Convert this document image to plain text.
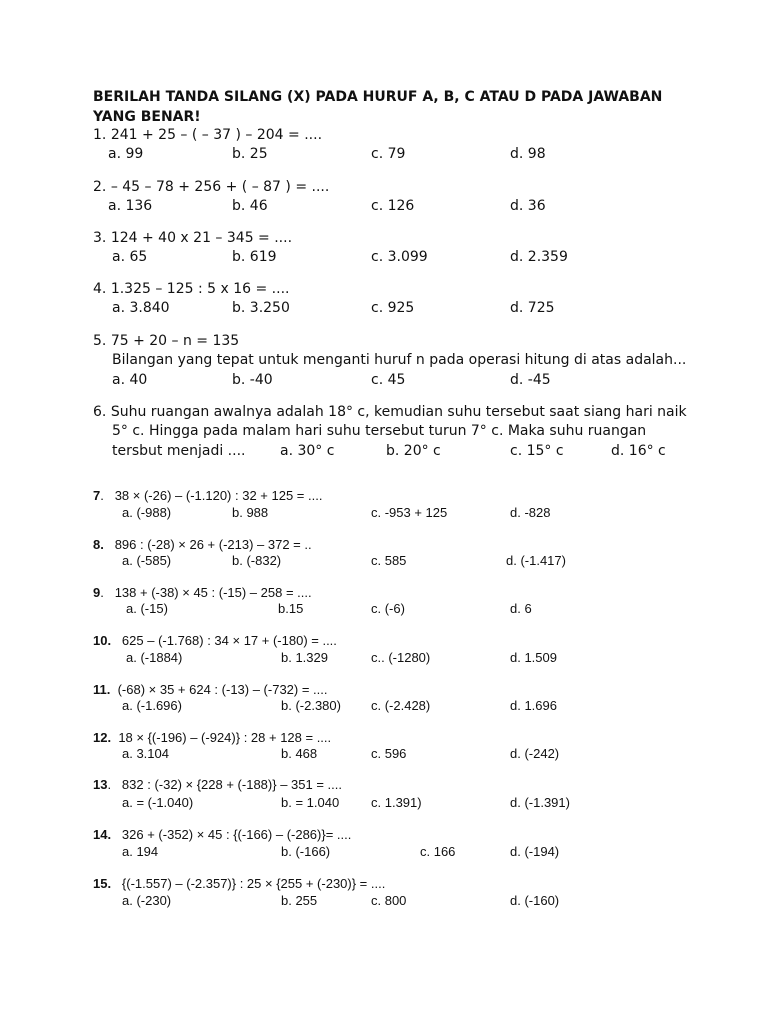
BERILAH TANDA SILANG (X) PADA HURUF A, B, C ATAU D PADA JAWABAN YANG BENAR!
1. 241 + 25 – ( – 37 ) – 204 = ....
a. 99	b. 25	c. 79	d. 98
2. – 45 – 78 + 256 + ( – 87 ) = ....
a. 136	b. 46	c. 126	d. 36
3. 124 + 40 x 21 – 345 = ....
a. 65	b. 619	c. 3.099	d. 2.359
4. 1.325 – 125 : 5 x 16 = ....
a. 3.840	b. 3.250	c. 925	d. 725
5. 75 + 20 – n = 135
Bilangan yang tepat untuk menganti huruf n pada operasi hitung di atas adalah...
a. 40	b. -40	c. 45	d. -45
6. Suhu ruangan awalnya adalah 18° c, kemudian suhu tersebut saat siang hari naik
5° c. Hingga pada malam hari suhu tersebut turun 7° c. Maka suhu ruangan
tersbut menjadi .... a. 30° c	b. 20° c	c. 15° c	d. 16° c
7.   38 × (-26) – (-1.120) : 32 + 125 = ....
a. (-988)	b. 988	c. -953 + 125	d. -828
8. 896 : (-28) × 26 + (-213) – 372 = ..
a. (-585)	b. (-832)	c. 585	d. (-1.417)
9.   138 + (-38) × 45 : (-15) – 258 = ....
a. (-15)	b.15	c. (-6)	d. 6
10. 625 – (-1.768) : 34 × 17 + (-180) = ....
a. (-1884)	b. 1.329	c.. (-1280)	d. 1.509
11. (-68) × 35 + 624 : (-13) – (-732) = ....
a. (-1.696)	b. (-2.380) c. (-2.428)	d. 1.696
12. 18 × {(-196) – (-924)} : 28 + 128 = ....
a. 3.104	b. 468	c. 596	d. (-242)
13.   832 : (-32) × {228 + (-188)} – 351 = ....
a. = (-1.040)	b. = 1.040 c. 1.391)	d. (-1.391)
14. 326 + (-352) × 45 : {(-166) – (-286)}= ....
a. 194	b. (-166)	c. 166	d. (-194)
15. {(-1.557) – (-2.357)} : 25 × {255 + (-230)} = ....
a. (-230)	b. 255	c. 800	d. (-160)
